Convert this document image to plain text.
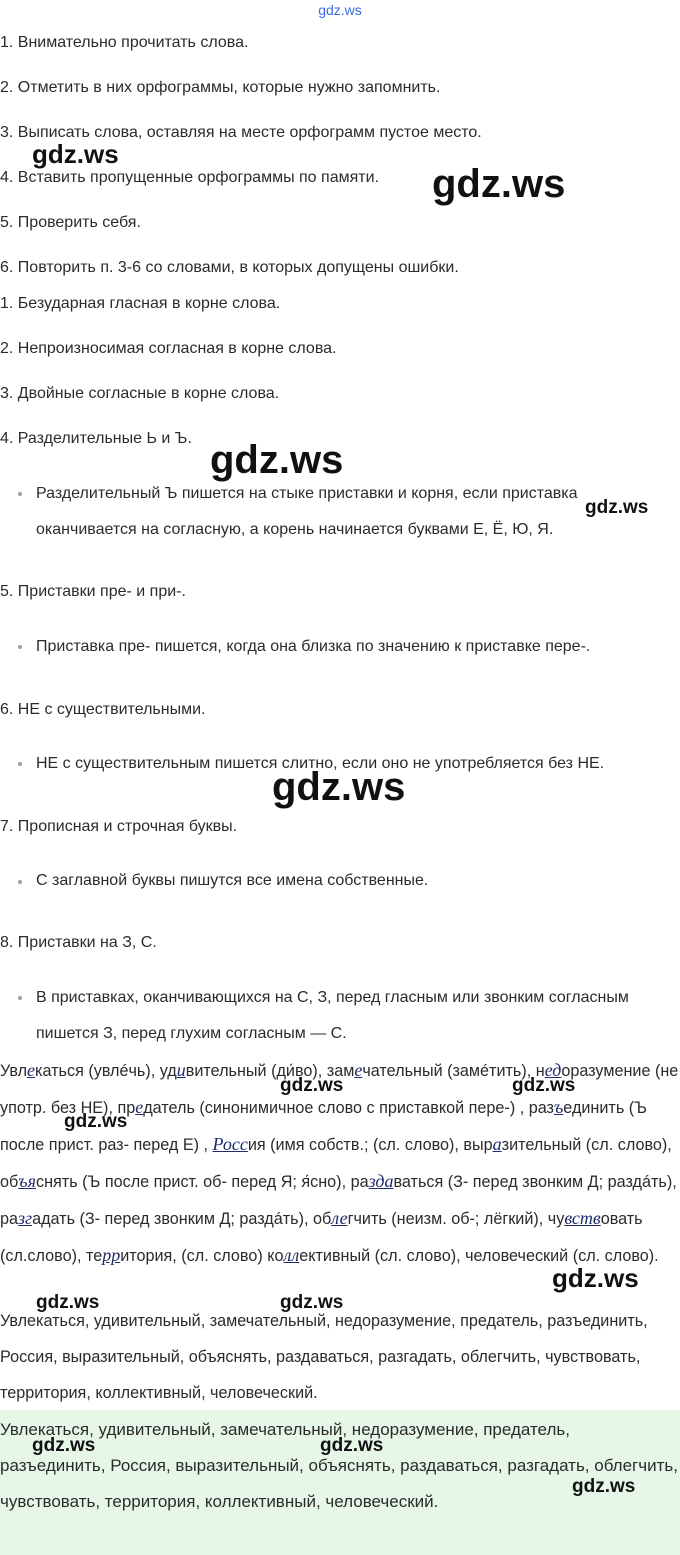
gdz.ws
1. Внимательно прочитать слова.
2. Отметить в них орфограммы, которые нужно запомнить.
3. Выписать слова, оставляя на месте орфограмм пустое место.
4. Вставить пропущенные орфограммы по памяти.
5. Проверить себя.
6. Повторить п. 3-6 со словами, в которых допущены ошибки.
1. Безударная гласная в корне слова.
2. Непроизносимая согласная в корне слова.
3. Двойные согласные в корне слова.
4. Разделительные Ь и Ъ.
Разделительный Ъ пишется на стыке приставки и корня, если приставка оканчивается на согласную, а корень начинается буквами Е, Ё, Ю, Я.
5. Приставки пре- и при-.
Приставка пре- пишется, когда она близка по значению к приставке пере-.
6. НЕ с существительными.
НЕ с существительным пишется слитно, если оно не употребляется без НЕ.
7. Прописная и строчная буквы.
С заглавной буквы пишутся все имена собственные.
8. Приставки на З, С.
В приставках, оканчивающихся на С, З, перед гласным или звонким согласным пишется З, перед глухим согласным — С.
Увлекаться (увлéчь), удивительный (ди́во), замечательный (замéтить), недоразумение (не употр. без НЕ), предатель (синонимичное слово с приставкой пере-) , разъединить (Ъ после прист. раз- перед Е) , Россия (имя собств.; (сл. слово), выразительный (сл. слово), объяснять (Ъ после прист. об- перед Я; я́сно), раздаваться (З- перед звонким Д; раздáть), разгадать (З- перед звонким Д; раздáть), облегчить (неизм. об-; лёгкий), чувствовать (сл.слово), территория, (сл. слово) коллективный (сл. слово), человеческий (сл. слово).
Увлекаться, удивительный, замечательный, недоразумение, предатель, разъединить, Россия, выразительный, объяснять, раздаваться, разгадать, облегчить, чувствовать, территория, коллективный, человеческий.
Увлекаться, удивительный, замечательный, недоразумение, предатель, разъединить, Россия, выразительный, объяснять, раздаваться, разгадать, облегчить, чувствовать, территория, коллективный, человеческий.
gdz.ws
gdz.ws
gdz.ws
gdz.ws
gdz.ws
gdz.ws	gdz.ws
gdz.ws
gdz.ws
gdz.ws	gdz.ws
gdz.ws	gdz.ws
gdz.ws
